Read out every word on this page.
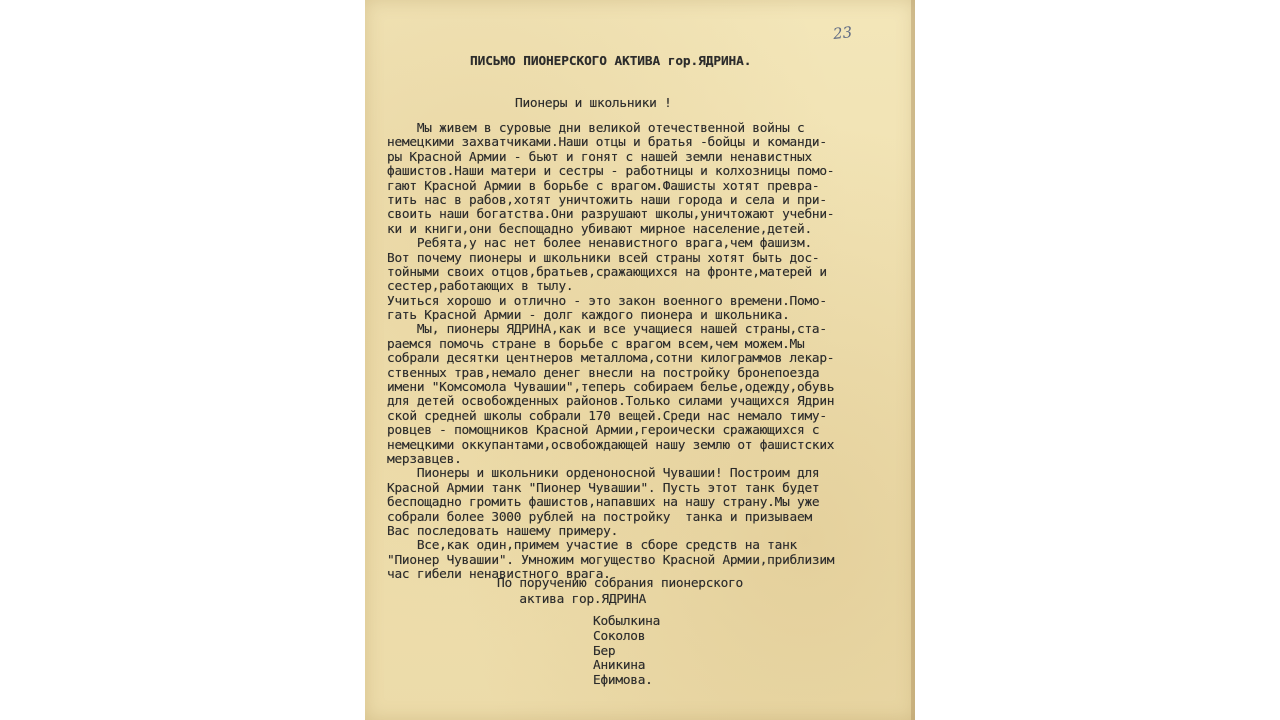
23
ПИСЬМО ПИОНЕРСКОГО АКТИВА гор.ЯДРИНА.
Пионеры и школьники !
Мы живем в суровые дни великой отечественной войны с
немецкими захватчиками.Наши отцы и братья -бойцы и команди-
ры Красной Армии - бьют и гонят с нашей земли ненавистных
фашистов.Наши матери и сестры - работницы и колхозницы помо-
гают Красной Армии в борьбе с врагом.Фашисты хотят превра-
тить нас в рабов,хотят уничтожить наши города и села и при-
своить наши богатства.Они разрушают школы,уничтожают учебни-
ки и книги,они беспощадно убивают мирное население,детей.
Ребята,у нас нет более ненавистного врага,чем фашизм.
Вот почему пионеры и школьники всей страны хотят быть дос-
тойными своих отцов,братьев,сражающихся на фронте,матерей и
сестер,работающих в тылу.
Учиться хорошо и отлично - это закон военного времени.Помо-
гать Красной Армии - долг каждого пионера и школьника.
Мы, пионеры ЯДРИНА,как и все учащиеся нашей страны,ста-
раемся помочь стране в борьбе с врагом всем,чем можем.Мы
собрали десятки центнеров металлома,сотни килограммов лекар-
ственных трав,немало денег внесли на постройку бронепоезда
имени "Комсомола Чувашии",теперь собираем белье,одежду,обувь
для детей освобожденных районов.Только силами учащихся Ядрин
ской средней школы собрали 170 вещей.Среди нас немало тиму-
ровцев - помощников Красной Армии,героически сражающихся с
немецкими оккупантами,освобождающей нашу землю от фашистских
мерзавцев.
Пионеры и школьники орденоносной Чувашии! Построим для
Красной Армии танк "Пионер Чувашии". Пусть этот танк будет
беспощадно громить фашистов,напавших на нашу страну.Мы уже
собрали более 3000 рублей на постройку  танка и призываем
Вас последовать нашему примеру.
Все,как один,примем участие в сборе средств на танк
"Пионер Чувашии". Умножим могущество Красной Армии,приблизим
час гибели ненавистного врага.
По поручению собрания пионерского
актива гор.ЯДРИНА
Кобылкина
Соколов
Бер
Аникина
Ефимова.
